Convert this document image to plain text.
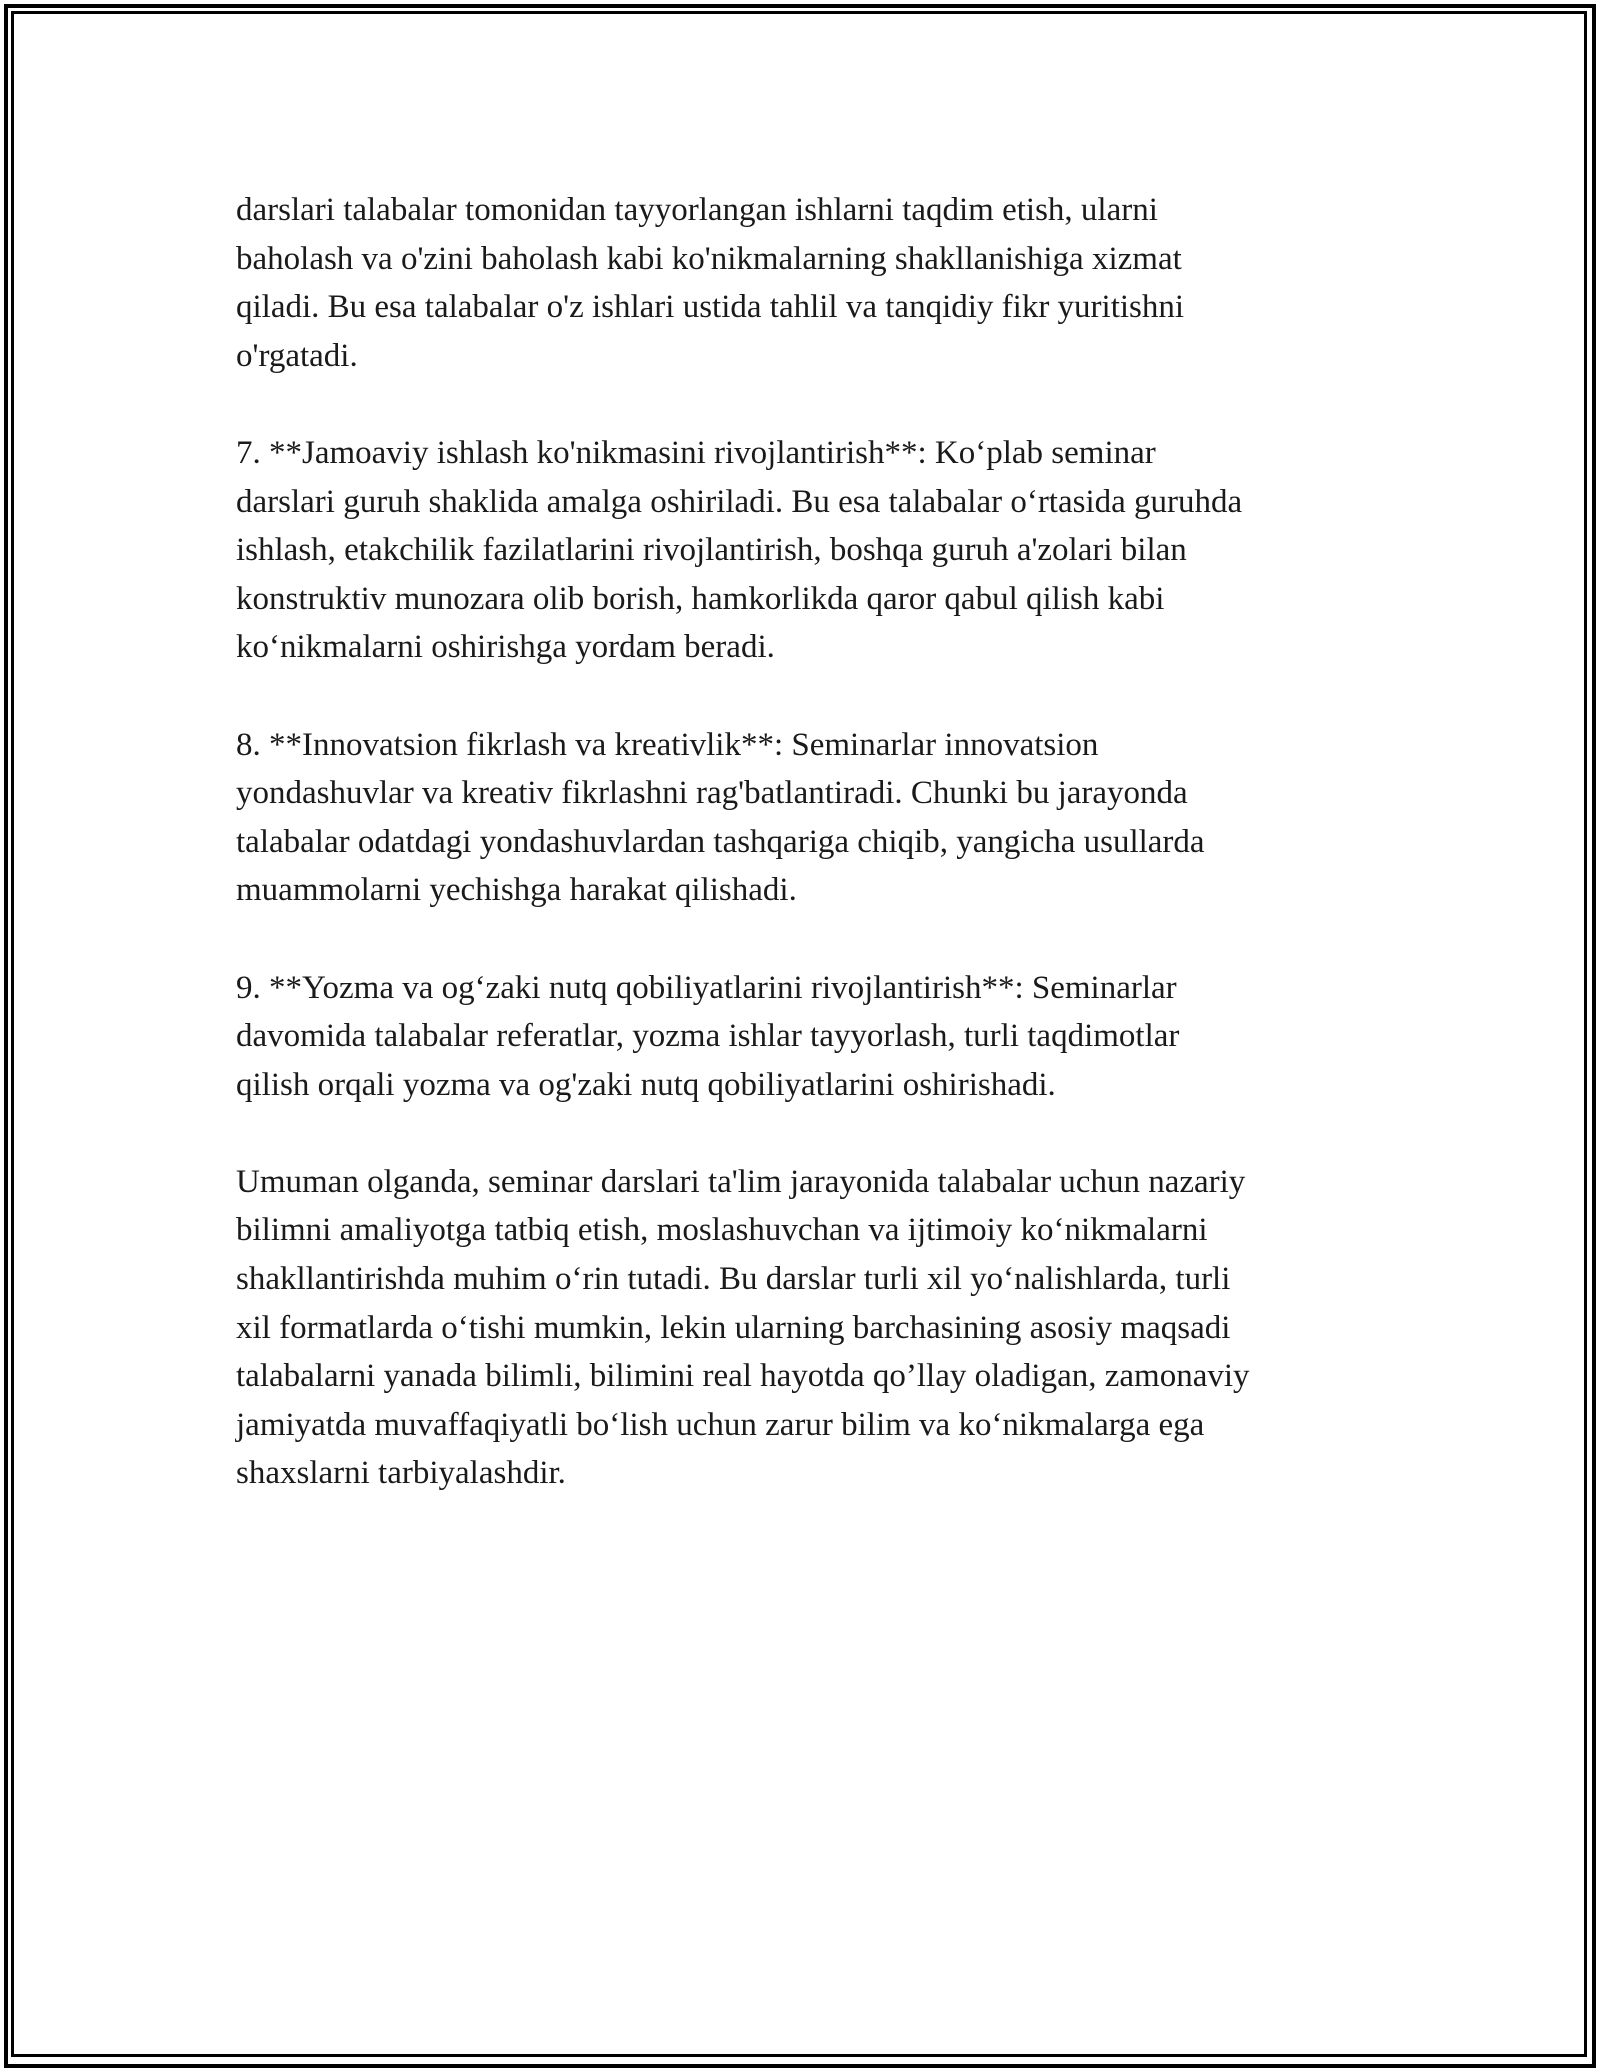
darslari talabalar tomonidan tayyorlangan ishlarni taqdim etish, ularni
baholash va o'zini baholash kabi ko'nikmalarning shakllanishiga xizmat
qiladi. Bu esa talabalar o'z ishlari ustida tahlil va tanqidiy fikr yuritishni
o'rgatadi.

7. **Jamoaviy ishlash ko'nikmasini rivojlantirish**: Ko‘plab seminar
darslari guruh shaklida amalga oshiriladi. Bu esa talabalar o‘rtasida guruhda
ishlash, etakchilik fazilatlarini rivojlantirish, boshqa guruh a'zolari bilan
konstruktiv munozara olib borish, hamkorlikda qaror qabul qilish kabi
ko‘nikmalarni oshirishga yordam beradi.

8. **Innovatsion fikrlash va kreativlik**: Seminarlar innovatsion
yondashuvlar va kreativ fikrlashni rag'batlantiradi. Chunki bu jarayonda
talabalar odatdagi yondashuvlardan tashqariga chiqib, yangicha usullarda
muammolarni yechishga harakat qilishadi.

9. **Yozma va og‘zaki nutq qobiliyatlarini rivojlantirish**: Seminarlar
davomida talabalar referatlar, yozma ishlar tayyorlash, turli taqdimotlar
qilish orqali yozma va og'zaki nutq qobiliyatlarini oshirishadi.

Umuman olganda, seminar darslari ta'lim jarayonida talabalar uchun nazariy
bilimni amaliyotga tatbiq etish, moslashuvchan va ijtimoiy ko‘nikmalarni
shakllantirishda muhim o‘rin tutadi. Bu darslar turli xil yo‘nalishlarda, turli
xil formatlarda o‘tishi mumkin, lekin ularning barchasining asosiy maqsadi
talabalarni yanada bilimli, bilimini real hayotda qo’llay oladigan, zamonaviy
jamiyatda muvaffaqiyatli bo‘lish uchun zarur bilim va ko‘nikmalarga ega
shaxslarni tarbiyalashdir.
